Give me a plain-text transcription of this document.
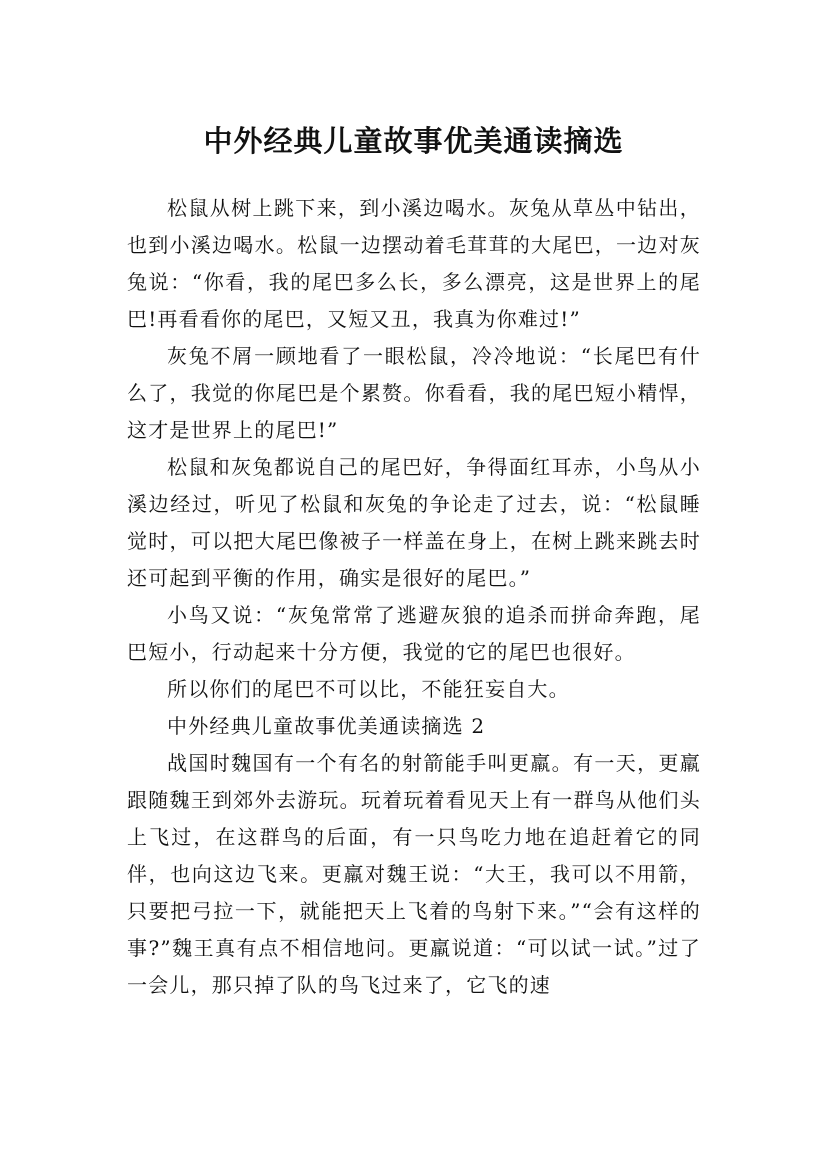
中外经典儿童故事优美通读摘选

松鼠从树上跳下来，到小溪边喝水。灰兔从草丛中钻出，也到小溪边喝水。松鼠一边摆动着毛茸茸的大尾巴，一边对灰兔说：“你看，我的尾巴多么长，多么漂亮，这是世界上的尾巴!再看看你的尾巴，又短又丑，我真为你难过!”

灰兔不屑一顾地看了一眼松鼠，冷冷地说：“长尾巴有什么了，我觉的你尾巴是个累赘。你看看，我的尾巴短小精悍，这才是世界上的尾巴!”

松鼠和灰兔都说自己的尾巴好，争得面红耳赤，小鸟从小溪边经过，听见了松鼠和灰兔的争论走了过去，说：“松鼠睡觉时，可以把大尾巴像被子一样盖在身上，在树上跳来跳去时还可起到平衡的作用，确实是很好的尾巴。”

小鸟又说：“灰兔常常了逃避灰狼的追杀而拼命奔跑，尾巴短小，行动起来十分方便，我觉的它的尾巴也很好。

所以你们的尾巴不可以比，不能狂妄自大。

中外经典儿童故事优美通读摘选 2

战国时魏国有一个有名的射箭能手叫更羸。有一天，更羸跟随魏王到郊外去游玩。玩着玩着看见天上有一群鸟从他们头上飞过，在这群鸟的后面，有一只鸟吃力地在追赶着它的同伴，也向这边飞来。更羸对魏王说：“大王，我可以不用箭，只要把弓拉一下，就能把天上飞着的鸟射下来。”“会有这样的事?”魏王真有点不相信地问。更羸说道：“可以试一试。”过了一会儿，那只掉了队的鸟飞过来了，它飞的速
